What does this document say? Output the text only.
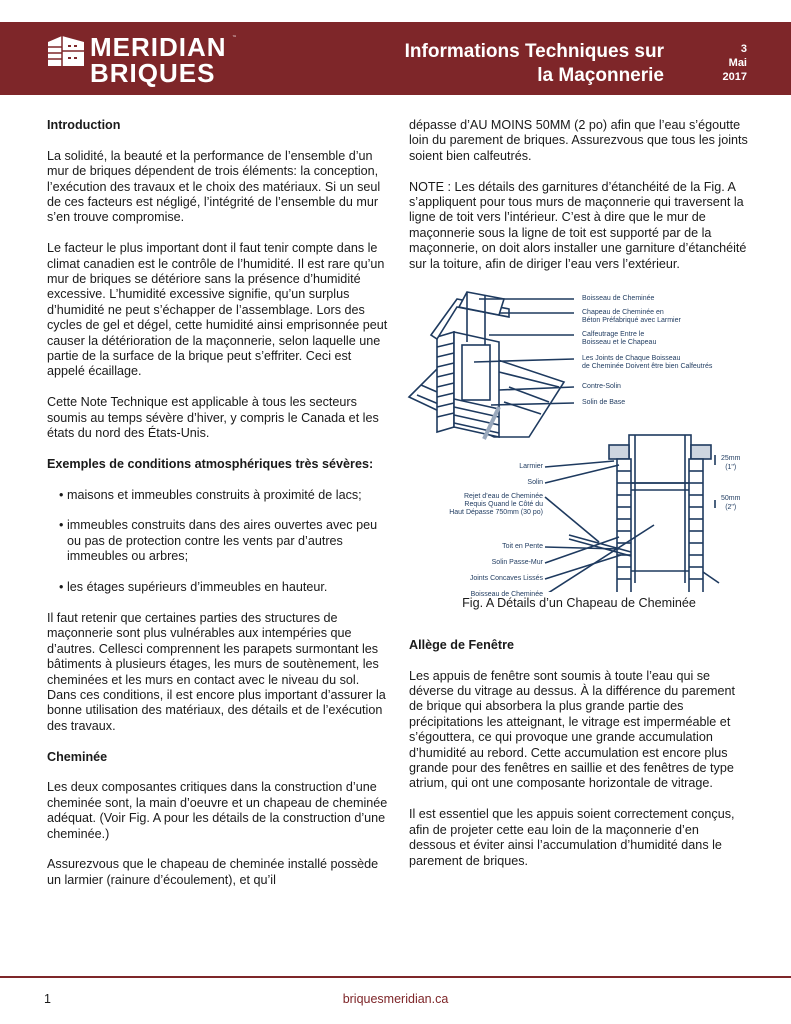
MERIDIAN
BRIQUES
™
Informations Techniques sur
la Maçonnerie
3
Mai
2017
Introduction

La solidité, la beauté et la performance de l’ensemble d’un mur de briques dépendent de trois éléments: la conception, l’exécution des travaux et le choix des matériaux. Si un seul de ces facteurs est négligé, l’intégrité de l’ensemble du mur s’en trouve compromise.

Le facteur le plus important dont il faut tenir compte dans le climat canadien est le contrôle de l’humidité. Il est rare qu’un mur de briques se détériore sans la présence d’humidité excessive. L’humidité excessive signifie, qu’un surplus d’humidité ne peut s’échapper de l’assemblage. Lors des cycles de gel et dégel, cette humidité ainsi emprisonnée peut causer la détérioration de la maçonnerie, selon laquelle une partie de la surface de la brique peut s’effriter. Ceci est appelé écaillage.

Cette Note Technique est applicable à tous les secteurs soumis au temps sévère d’hiver, y compris le Canada et les états du nord des États-Unis.

Exemples de conditions atmosphériques très sévères:
• maisons et immeubles construits à proximité de lacs;
• immeubles construits dans des aires ouvertes avec peu ou pas de protection contre les vents par d’autres immeubles ou arbres;
• les étages supérieurs d’immeubles en hauteur.

Il faut retenir que certaines parties des structures de maçonnerie sont plus vulnérables aux intempéries que d’autres. Cellesci comprennent les parapets surmontant les bâtiments à plusieurs étages, les murs de soutènement, les cheminées et les murs en contact avec le niveau du sol. Dans ces conditions, il est encore plus important d’assurer la bonne utilisation des matériaux, des détails et de l’exécution des travaux.

Cheminée

Les deux composantes critiques dans la construction d’une cheminée sont, la main d’oeuvre et un chapeau de cheminée adéquat. (Voir Fig. A pour les détails de la construction d’une cheminée.)

Assurezvous que le chapeau de cheminée installé possède un larmier (rainure d’écoulement), et qu’il

dépasse d’AU MOINS 50MM (2 po) afin que l’eau s’égoutte loin du parement de briques. Assurezvous que tous les joints soient bien calfeutrés.

NOTE : Les détails des garnitures d’étanchéité de la Fig. A s’appliquent pour tous murs de maçonnerie qui traversent la ligne de toit vers l’intérieur. C’est à dire que le mur de maçonnerie sous la ligne de toit est supporté par de la maçonnerie, on doit alors installer une garniture d’étanchéité sur la toiture, afin de diriger l’eau vers l’extérieur.

Boisseau de Cheminée
Chapeau de Cheminée en
Béton Préfabriqué avec Larmier
Calfeutrage Entre le
Boisseau et le Chapeau
Les Joints de Chaque Boisseau
de Cheminée Doivent être bien Calfeutrés
Contre-Solin
Solin de Base
Larmier
Solin
Rejet d’eau de Cheminée
Requis Quand le Côté du
Haut Dépasse 750mm (30 po)
Toit en Pente
Solin Passe-Mur
Joints Concaves Lissés
Boisseau de Cheminée
25mm
(1")
50mm
(2")
Fig. A Détails d’un Chapeau de Cheminée
Allège de Fenêtre

Les appuis de fenêtre sont soumis à toute l’eau qui se déverse du vitrage au dessus. À la différence du parement de brique qui absorbera la plus grande partie des précipitations les atteignant, le vitrage est imperméable et s’égouttera, ce qui provoque une grande accumulation d’humidité au rebord. Cette accumulation est encore plus grande pour des fenêtres en saillie et des fenêtres de type atrium, qui ont une composante horizontale de vitrage.

Il est essentiel que les appuis soient correctement conçus, afin de projeter cette eau loin de la maçonnerie d’en dessous et éviter ainsi l’accumulation d’humidité dans le parement de briques.

1	briquesmeridian.ca
